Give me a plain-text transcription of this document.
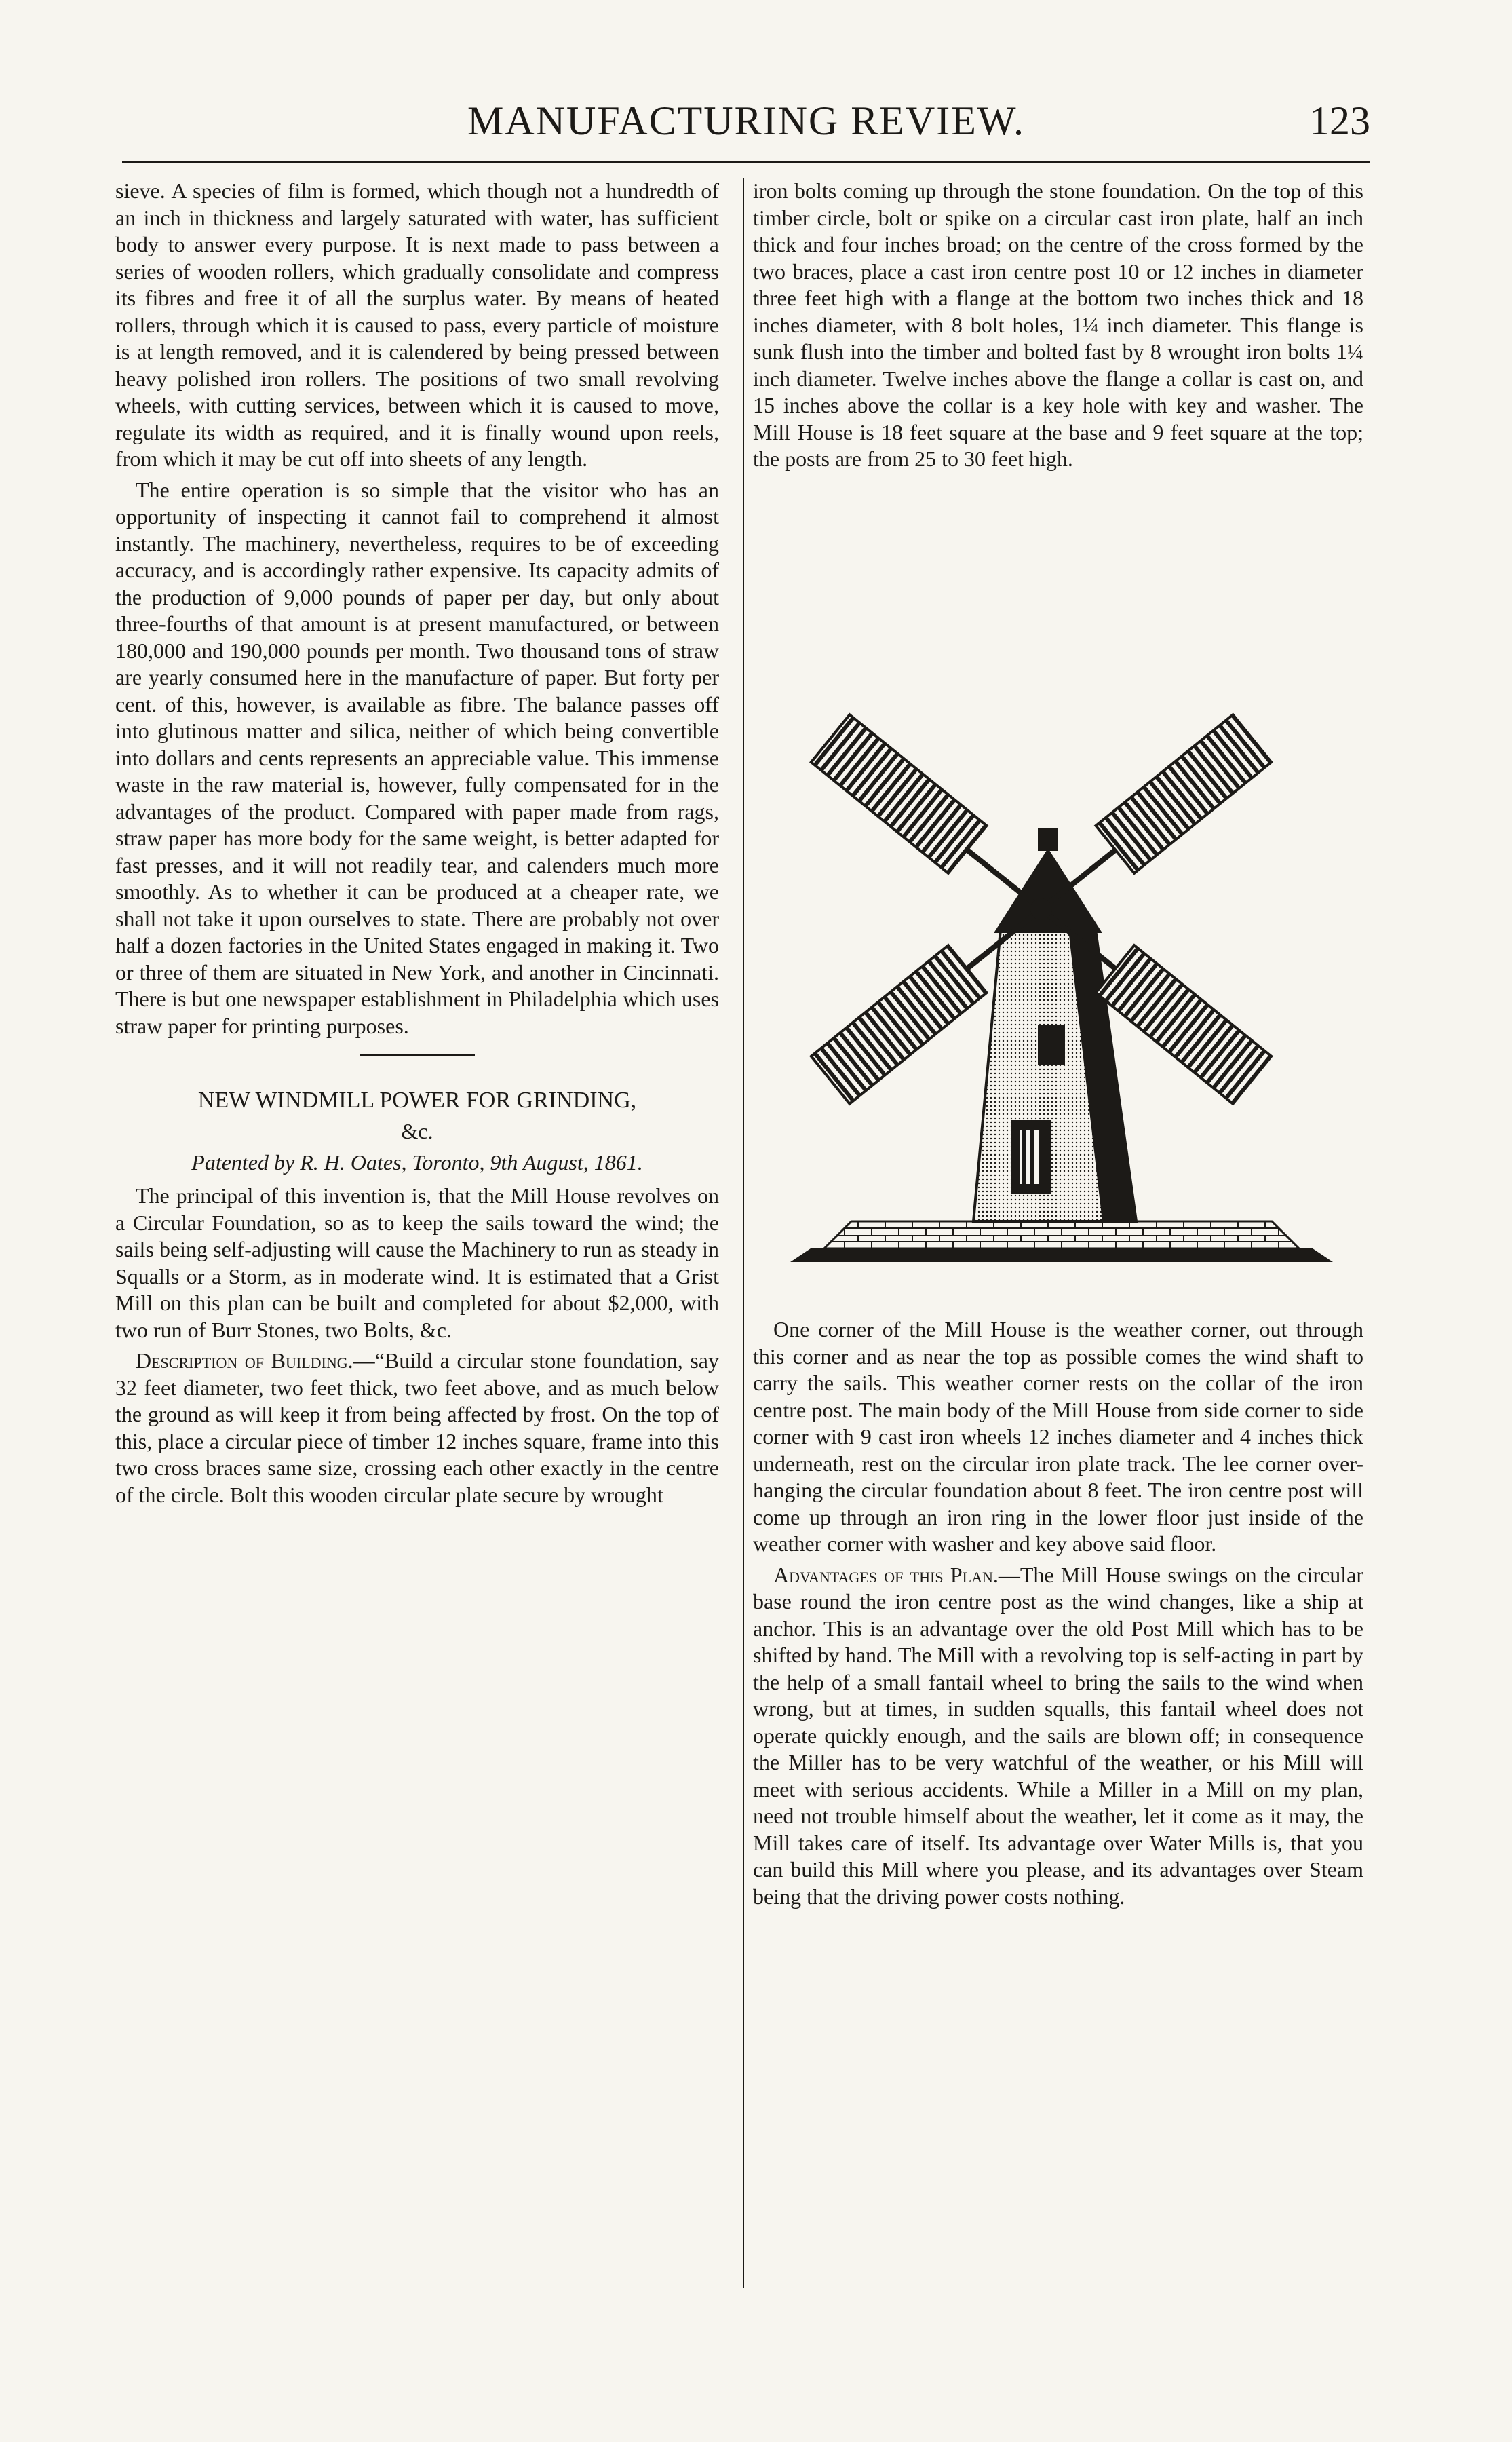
MANUFACTURING REVIEW.	123

sieve. A species of film is formed, which though not a hundredth of an inch in thickness and largely saturated with water, has sufficient body to answer every purpose. It is next made to pass between a series of wooden rollers, which gradually consolidate and compress its fibres and free it of all the surplus water. By means of heated rollers, through which it is caused to pass, every particle of moisture is at length removed, and it is calendered by being pressed between heavy polished iron rollers. The positions of two small revolving wheels, with cutting services, between which it is caused to move, regulate its width as required, and it is finally wound upon reels, from which it may be cut off into sheets of any length.

The entire operation is so simple that the visitor who has an opportunity of inspecting it cannot fail to comprehend it almost instantly. The machinery, nevertheless, requires to be of exceeding accuracy, and is accordingly rather expensive. Its capacity admits of the production of 9,000 pounds of paper per day, but only about three-fourths of that amount is at present manufactured, or between 180,000 and 190,000 pounds per month. Two thousand tons of straw are yearly consumed here in the manufacture of paper. But forty per cent. of this, however, is available as fibre. The balance passes off into glutinous matter and silica, neither of which being convertible into dollars and cents represents an appreciable value. This immense waste in the raw material is, however, fully compensated for in the advantages of the product. Compared with paper made from rags, straw paper has more body for the same weight, is better adapted for fast presses, and it will not readily tear, and calenders much more smoothly. As to whether it can be produced at a cheaper rate, we shall not take it upon ourselves to state. There are probably not over half a dozen factories in the United States engaged in making it. Two or three of them are situated in New York, and another in Cincinnati. There is but one newspaper establishment in Philadelphia which uses straw paper for printing purposes.

NEW WINDMILL POWER FOR GRINDING,

&c.

Patented by R. H. Oates, Toronto, 9th August, 1861.

The principal of this invention is, that the Mill House revolves on a Circular Foundation, so as to keep the sails toward the wind; the sails being self-adjusting will cause the Machinery to run as steady in Squalls or a Storm, as in moderate wind. It is estimated that a Grist Mill on this plan can be built and completed for about $2,000, with two run of Burr Stones, two Bolts, &c.

Description of Building.—“Build a circular stone foundation, say 32 feet diameter, two feet thick, two feet above, and as much below the ground as will keep it from being affected by frost. On the top of this, place a circular piece of timber 12 inches square, frame into this two cross braces same size, crossing each other exactly in the centre of the circle. Bolt this wooden circular plate secure by wrought

iron bolts coming up through the stone foundation. On the top of this timber circle, bolt or spike on a circular cast iron plate, half an inch thick and four inches broad; on the centre of the cross formed by the two braces, place a cast iron centre post 10 or 12 inches in diameter three feet high with a flange at the bottom two inches thick and 18 inches diameter, with 8 bolt holes, 1¼ inch diameter. This flange is sunk flush into the timber and bolted fast by 8 wrought iron bolts 1¼ inch diameter. Twelve inches above the flange a collar is cast on, and 15 inches above the collar is a key hole with key and washer. The Mill House is 18 feet square at the base and 9 feet square at the top; the posts are from 25 to 30 feet high.

One corner of the Mill House is the weather corner, out through this corner and as near the top as possible comes the wind shaft to carry the sails. This weather corner rests on the collar of the iron centre post. The main body of the Mill House from side corner to side corner with 9 cast iron wheels 12 inches diameter and 4 inches thick underneath, rest on the circular iron plate track. The lee corner over-hanging the circular foundation about 8 feet. The iron centre post will come up through an iron ring in the lower floor just inside of the weather corner with washer and key above said floor.

Advantages of this Plan.—The Mill House swings on the circular base round the iron centre post as the wind changes, like a ship at anchor. This is an advantage over the old Post Mill which has to be shifted by hand. The Mill with a revolving top is self-acting in part by the help of a small fantail wheel to bring the sails to the wind when wrong, but at times, in sudden squalls, this fantail wheel does not operate quickly enough, and the sails are blown off; in consequence the Miller has to be very watchful of the weather, or his Mill will meet with serious accidents. While a Miller in a Mill on my plan, need not trouble himself about the weather, let it come as it may, the Mill takes care of itself. Its advantage over Water Mills is, that you can build this Mill where you please, and its advantages over Steam being that the driving power costs nothing.
